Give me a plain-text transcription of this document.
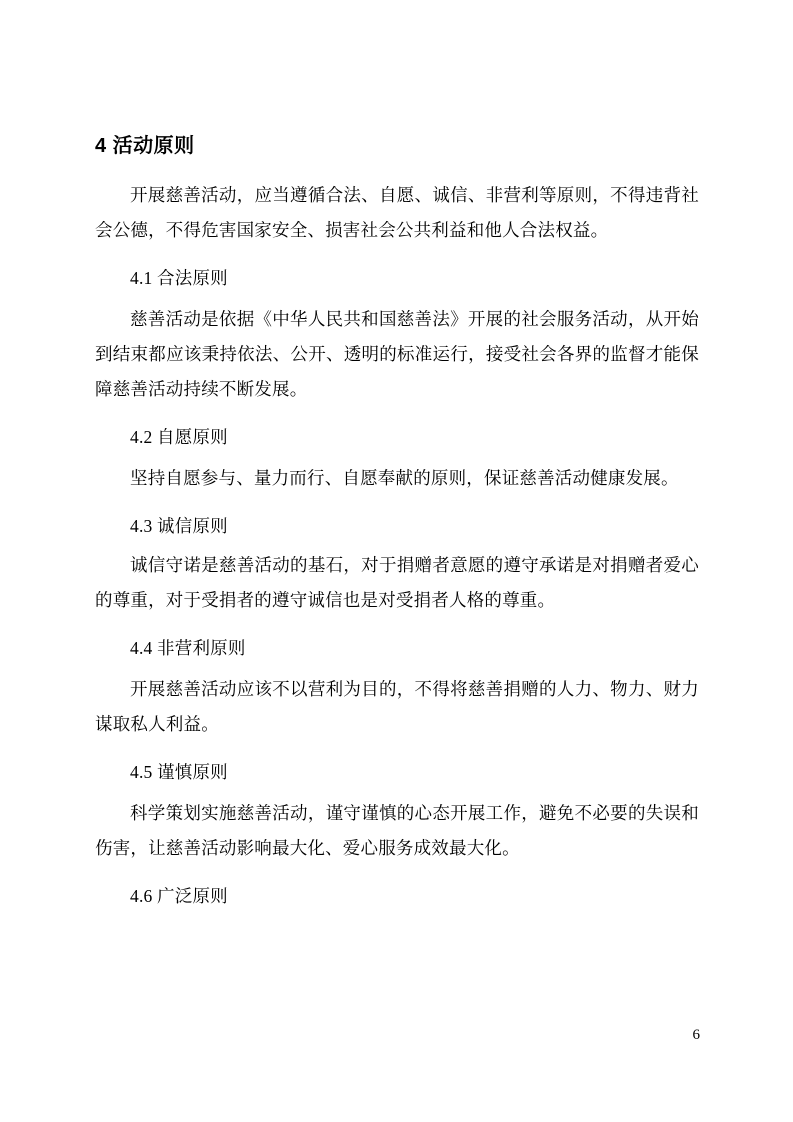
4 活动原则

开展慈善活动，应当遵循合法、自愿、诚信、非营利等原则，不得违背社会公德，不得危害国家安全、损害社会公共利益和他人合法权益。

4.1 合法原则

慈善活动是依据《中华人民共和国慈善法》开展的社会服务活动，从开始到结束都应该秉持依法、公开、透明的标准运行，接受社会各界的监督才能保障慈善活动持续不断发展。

4.2 自愿原则

坚持自愿参与、量力而行、自愿奉献的原则，保证慈善活动健康发展。

4.3 诚信原则

诚信守诺是慈善活动的基石，对于捐赠者意愿的遵守承诺是对捐赠者爱心的尊重，对于受捐者的遵守诚信也是对受捐者人格的尊重。

4.4 非营利原则

开展慈善活动应该不以营利为目的，不得将慈善捐赠的人力、物力、财力谋取私人利益。

4.5 谨慎原则

科学策划实施慈善活动，谨守谨慎的心态开展工作，避免不必要的失误和伤害，让慈善活动影响最大化、爱心服务成效最大化。

4.6 广泛原则

6
